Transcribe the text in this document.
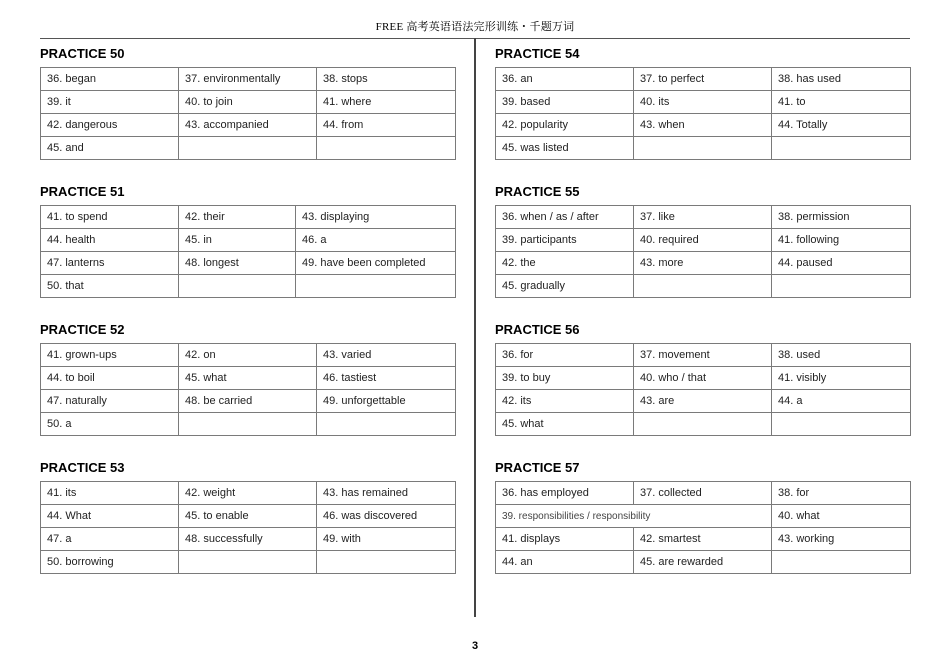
FREE 高考英语语法完形训练・千题万词
PRACTICE 50
36. began	37. environmentally	38. stops
39. it	40. to join	41. where
42. dangerous	43. accompanied	44. from
45. and		
PRACTICE 51
41. to spend	42. their	43. displaying
44. health	45. in	46. a
47. lanterns	48. longest	49. have been completed
50. that		
PRACTICE 52
41. grown-ups	42. on	43. varied
44. to boil	45. what	46. tastiest
47. naturally	48. be carried	49. unforgettable
50. a		
PRACTICE 53
41. its	42. weight	43. has remained
44. What	45. to enable	46. was discovered
47. a	48. successfully	49. with
50. borrowing		
PRACTICE 54
36. an	37. to perfect	38. has used
39. based	40. its	41. to
42. popularity	43. when	44. Totally
45. was listed		
PRACTICE 55
36. when / as / after	37. like	38. permission
39. participants	40. required	41. following
42. the	43. more	44. paused
45. gradually		
PRACTICE 56
36. for	37. movement	38. used
39. to buy	40. who / that	41. visibly
42. its	43. are	44. a
45. what		
PRACTICE 57
36. has employed	37. collected	38. for
39. responsibilities / responsibility		40. what
41. displays	42. smartest	43. working
44. an	45. are rewarded	
3
